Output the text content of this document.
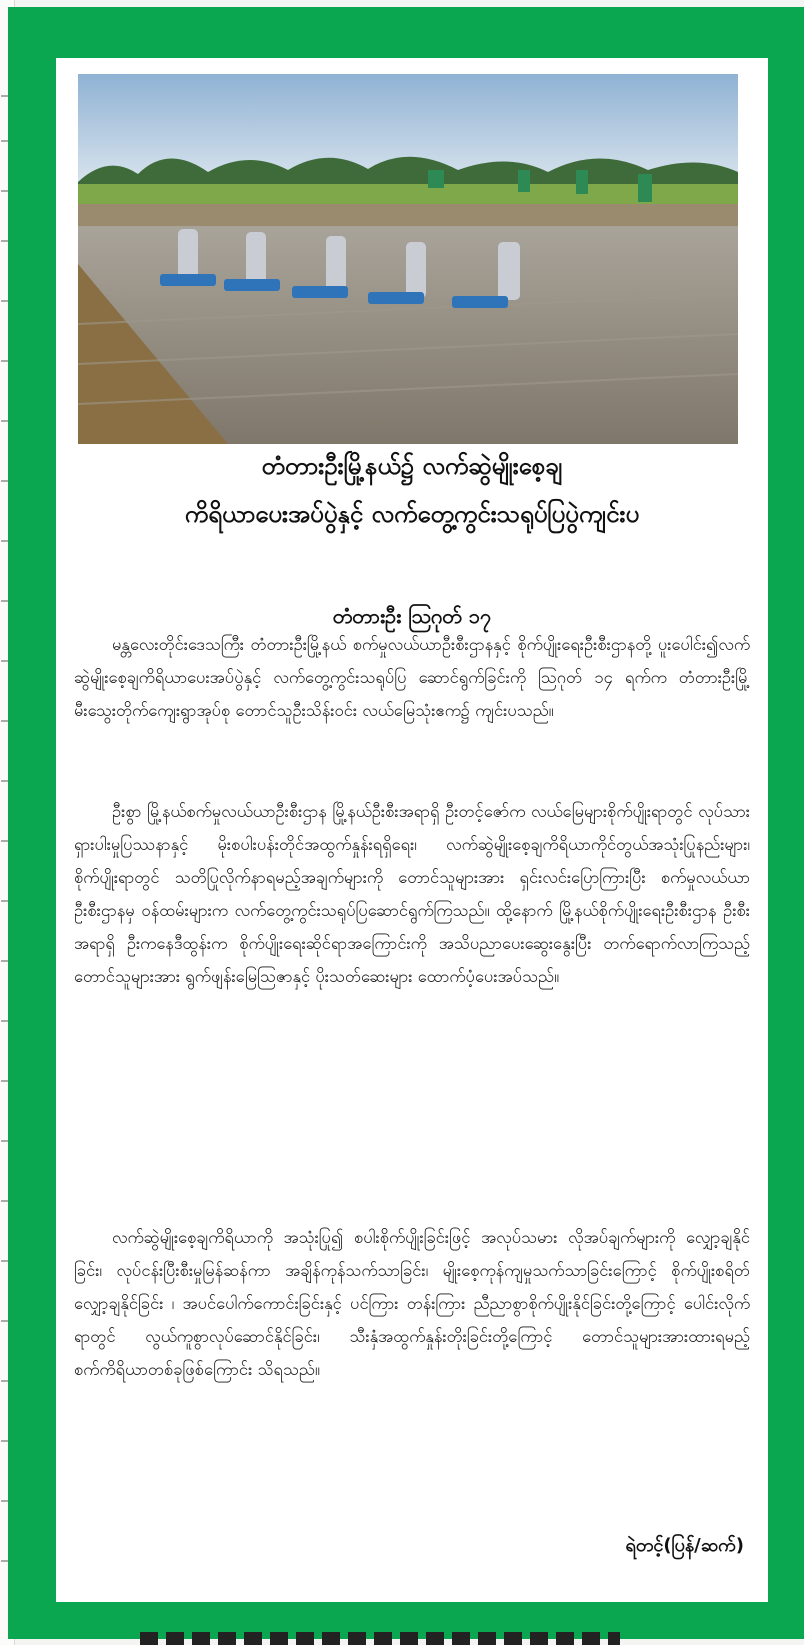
တံတားဦးမြို့နယ်၌ လက်ဆွဲမျိုးစေ့ချ
ကိရိယာပေးအပ်ပွဲနှင့် လက်တွေ့ကွင်းသရုပ်ပြပွဲကျင်းပ
တံတားဦး ဩဂုတ် ၁၇

မန္တလေးတိုင်းဒေသကြီး တံတားဦးမြို့နယ် စက်မှုလယ်ယာဦးစီးဌာနနှင့် စိုက်ပျိုးရေးဦးစီးဌာနတို့ ပူးပေါင်း၍လက်ဆွဲမျိုးစေ့ချကိရိယာပေးအပ်ပွဲနှင့် လက်တွေ့ကွင်းသရုပ်ပြ ဆောင်ရွက်ခြင်းကို ဩဂုတ် ၁၄ ရက်က တံတားဦးမြို့ မီးသွေးတိုက်ကျေးရွာအုပ်စု တောင်သူဦးသိန်းဝင်း လယ်မြေသုံးဧက၌ ကျင်းပသည်။

ဦးစွာ မြို့နယ်စက်မှုလယ်ယာဦးစီးဌာန မြို့နယ်ဦးစီးအရာရှိ ဦးတင့်ဇော်က လယ်မြေများစိုက်ပျိုးရာတွင် လုပ်သားရှားပါးမှုပြဿနာနှင့် မိုးစပါးပန်းတိုင်အထွက်နှုန်းရရှိရေး၊ လက်ဆွဲမျိုးစေ့ချကိရိယာကိုင်တွယ်အသုံးပြုနည်းများ၊ စိုက်ပျိုးရာတွင် သတိပြုလိုက်နာရမည့်အချက်များကို တောင်သူများအား ရှင်းလင်းပြောကြားပြီး စက်မှုလယ်ယာဦးစီးဌာနမှ ဝန်ထမ်းများက လက်တွေ့ကွင်းသရုပ်ပြဆောင်ရွက်ကြသည်။ ထို့နောက် မြို့နယ်စိုက်ပျိုးရေးဦးစီးဌာန ဦးစီးအရာရှိ ဦးကနေဒီထွန်းက စိုက်ပျိုးရေးဆိုင်ရာအကြောင်းကို အသိပညာပေးဆွေးနွေးပြီး တက်ရောက်လာကြသည့် တောင်သူများအား ရွက်ဖျန်းမြေဩဇာနှင့် ပိုးသတ်ဆေးများ ထောက်ပံ့ပေးအပ်သည်။

လက်ဆွဲမျိုးစေ့ချကိရိယာကို အသုံးပြု၍ စပါးစိုက်ပျိုးခြင်းဖြင့် အလုပ်သမား လိုအပ်ချက်များကို လျှော့ချနိုင်ခြင်း၊ လုပ်ငန်းပြီးစီးမှုမြန်ဆန်ကာ အချိန်ကုန်သက်သာခြင်း၊ မျိုးစေ့ကုန်ကျမှုသက်သာခြင်းကြောင့် စိုက်ပျိုးစရိတ်လျှော့ချနိုင်ခြင်း ၊ အပင်ပေါက်ကောင်းခြင်းနှင့် ပင်ကြား တန်းကြား ညီညာစွာစိုက်ပျိုးနိုင်ခြင်းတို့ကြောင့် ပေါင်းလိုက်ရာတွင် လွယ်ကူစွာလုပ်ဆောင်နိုင်ခြင်း၊ သီးနှံအထွက်နှုန်းတိုးခြင်းတို့ကြောင့် တောင်သူများအားထားရမည့် စက်ကိရိယာတစ်ခုဖြစ်ကြောင်း သိရသည်။

ရဲတင့်(ပြန်/ဆက်)
